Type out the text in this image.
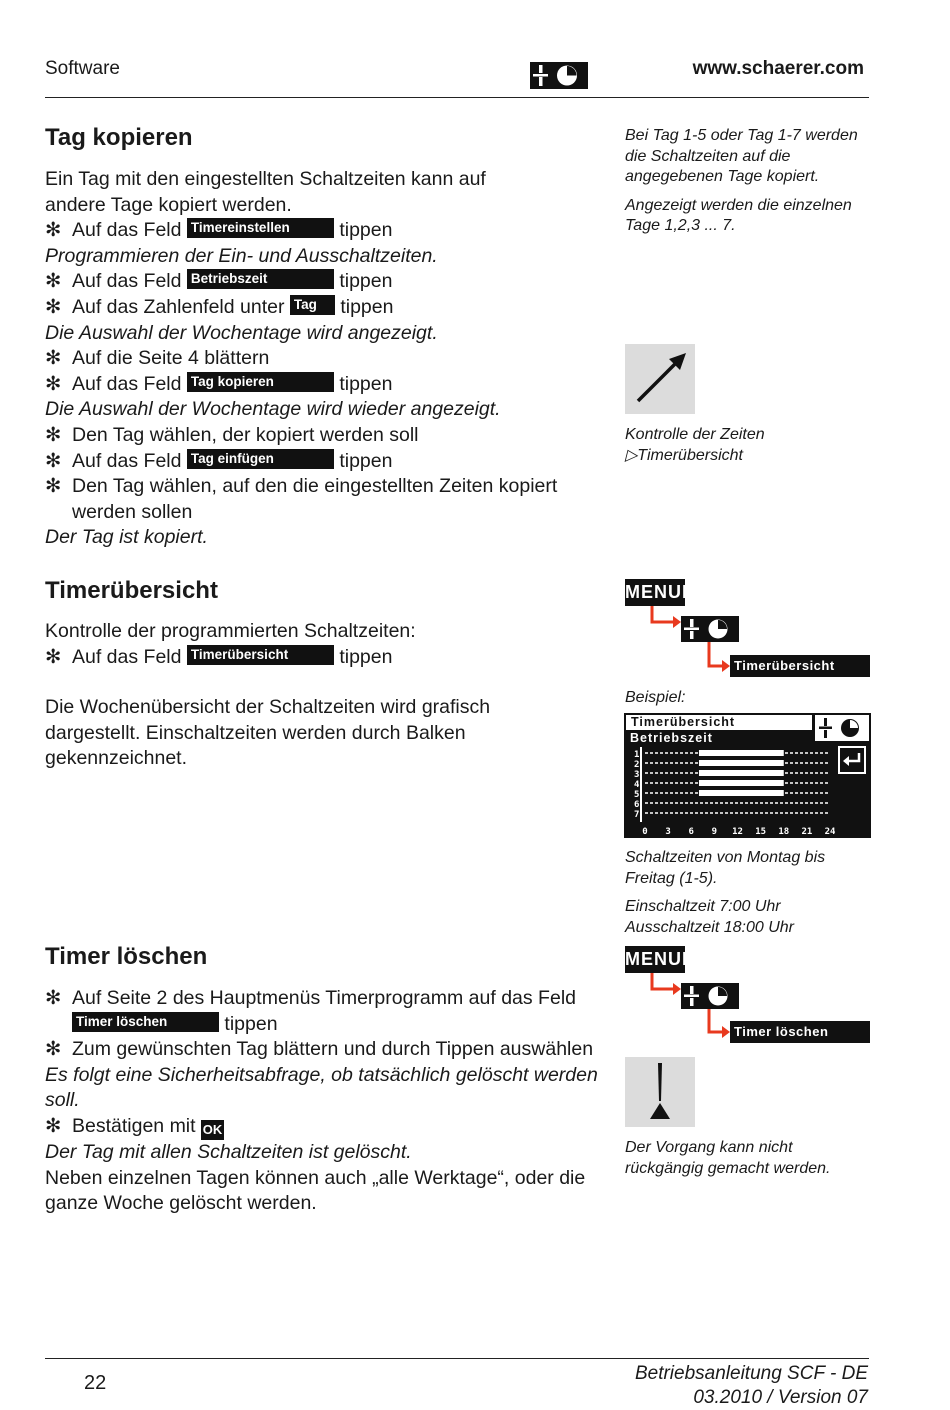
Software	www.schaerer.com
Tag kopieren

Ein Tag mit den eingestellten Schaltzeiten kann auf

andere Tage kopiert werden.

✻ Auf das Feld Timereinstellen	tippen

Programmieren der Ein- und Ausschaltzeiten.

✻ Auf das Feld Betriebszeit	tippen

✻ Auf das Zahlenfeld unter Tag tippen

Die Auswahl der Wochentage wird angezeigt.

✻ Auf die Seite 4 blättern

✻ Auf das Feld Tag kopieren	tippen

Die Auswahl der Wochentage wird wieder angezeigt.

✻ Den Tag wählen, der kopiert werden soll

✻ Auf das Feld Tag einfügen	tippen

✻ Den Tag wählen, auf den die eingestellten Zeiten kopiert werden sollen

Der Tag ist kopiert.

Bei Tag 1-5 oder Tag 1-7 werden die Schaltzeiten auf die angegebenen Tage kopiert.

Angezeigt werden die einzelnen Tage 1,2,3 ... 7.

Kontrolle der Zeiten
▷Timerübersicht
Timerübersicht

Kontrolle der programmierten Schaltzeiten:

✻ Auf das Feld Timerübersicht	tippen

Die Wochenübersicht der Schaltzeiten wird grafisch dargestellt. Einschaltzeiten werden durch Balken gekennzeichnet.
MENUE
Timerübersicht
Beispiel:
Timerübersicht
Betriebszeit
1
2
3
4
5
6
7
0 3 6 9 12 15 18 21 24

Schaltzeiten von Montag bis Freitag (1-5).

Einschaltzeit 7:00 Uhr Ausschaltzeit 18:00 Uhr

Timer löschen

✻ Auf Seite 2 des Hauptmenüs Timerprogramm auf das Feld Timer löschen	tippen

✻ Zum gewünschten Tag blättern und durch Tippen auswählen

Es folgt eine Sicherheitsabfrage, ob tatsächlich gelöscht werden soll.

✻ Bestätigen mit OK

Der Tag mit allen Schaltzeiten ist gelöscht.

Neben einzelnen Tagen können auch „alle Werktage“, oder die ganze Woche gelöscht werden.

MENUE
Timer löschen
Der Vorgang kann nicht rückgängig gemacht werden.
22	Betriebsanleitung SCF - DE
03.2010 / Version 07
